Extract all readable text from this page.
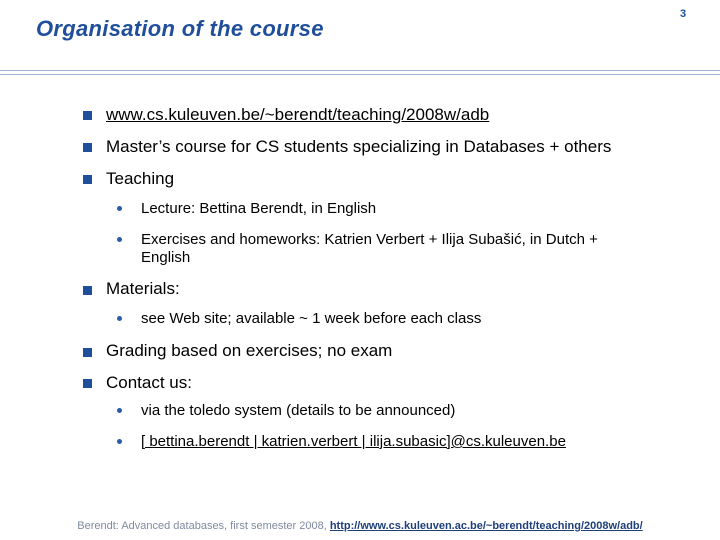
Organisation of the course
3
www.cs.kuleuven.be/~berendt/teaching/2008w/adb
Master’s course for CS students specializing in Databases + others
Teaching
Lecture: Bettina Berendt, in English
Exercises and homeworks: Katrien Verbert + Ilija Subašić, in Dutch +
English
Materials:
see Web site; available ~ 1 week before each class
Grading based on exercises; no exam
Contact us:
via the toledo system (details to be announced)
[ bettina.berendt | katrien.verbert | ilija.subasic]@cs.kuleuven.be
Berendt: Advanced databases, first semester 2008, http://www.cs.kuleuven.ac.be/~berendt/teaching/2008w/adb/
